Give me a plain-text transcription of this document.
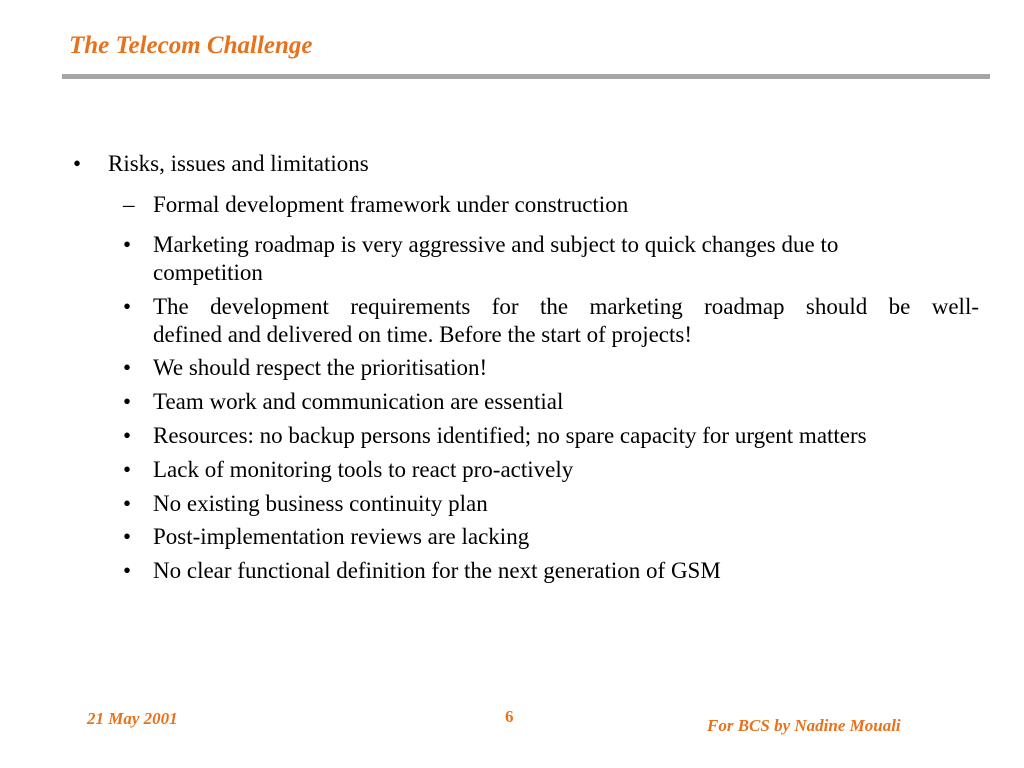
The Telecom Challenge
• Risks, issues and limitations
– Formal development framework under construction
• Marketing roadmap is very aggressive and subject to quick changes due to
competition
• The development requirements for the marketing roadmap should be well-
defined and delivered on time. Before the start of projects!
• We should respect the prioritisation!
• Team work and communication are essential
• Resources: no backup persons identified; no spare capacity for urgent matters
• Lack of monitoring tools to react pro-actively
• No existing business continuity plan
• Post-implementation reviews are lacking
• No clear functional definition for the next generation of GSM
21 May 2001	6	For BCS by Nadine Mouali
